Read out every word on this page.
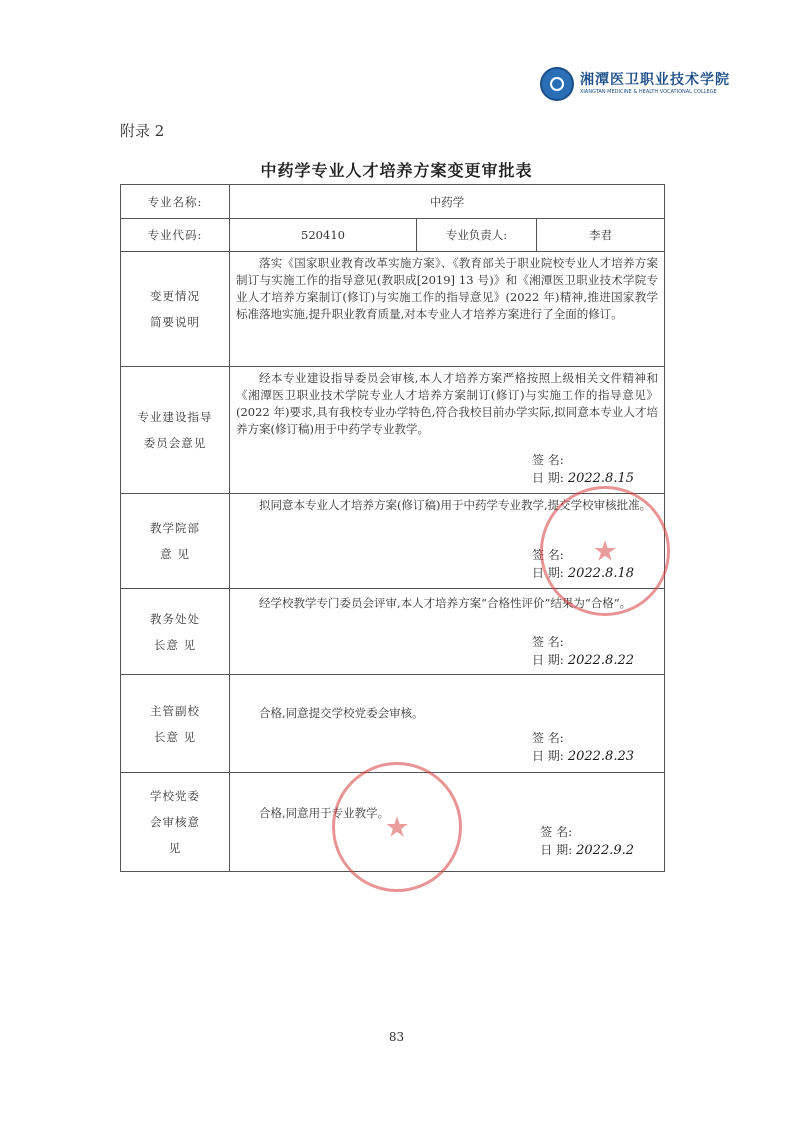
湘潭医卫职业技术学院
XIANGTAN MEDICINE & HEALTH VOCATIONAL COLLEGE
附录 2
中药学专业人才培养方案变更审批表
专业名称:	中药学		
专业代码:	520410	专业负责人:	李君

变更情况简要说明	落实《国家职业教育改革实施方案》、《教育部关于职业院校专业人才培养方案制订与实施工作的指导意见(教职成[2019] 13 号)》和《湘潭医卫职业技术学院专业人才培养方案制订(修订)与实施工作的指导意见》(2022 年)精神,推进国家教学标准落地实施,提升职业教育质量,对本专业人才培养方案进行了全面的修订。		

专业建设指导委员会意见	经本专业建设指导委员会审核,本人才培养方案严格按照上级相关文件精神和《湘潭医卫职业技术学院专业人才培养方案制订(修订)与实施工作的指导意见》(2022 年)要求,具有我校专业办学特色,符合我校目前办学实际,拟同意本专业人才培养方案(修订稿)用于中药学专业教学。
签 名:
日 期: 2022.8.15		

教学院部意 见	拟同意本专业人才培养方案(修订稿)用于中药学专业教学,提交学校审核批准。
签 名:
日 期: 2022.8.18		

教务处处长意 见	经学校教学专门委员会评审,本人才培养方案“合格性评价”结果为“合格”。
签 名:
日 期: 2022.8.22		

主管副校长意 见	合格,同意提交学校党委会审核。
签 名:
日 期: 2022.8.23		

学校党委会审核意见	合格,同意用于专业教学。
签 名:
日 期: 2022.9.2		
★
★
83
